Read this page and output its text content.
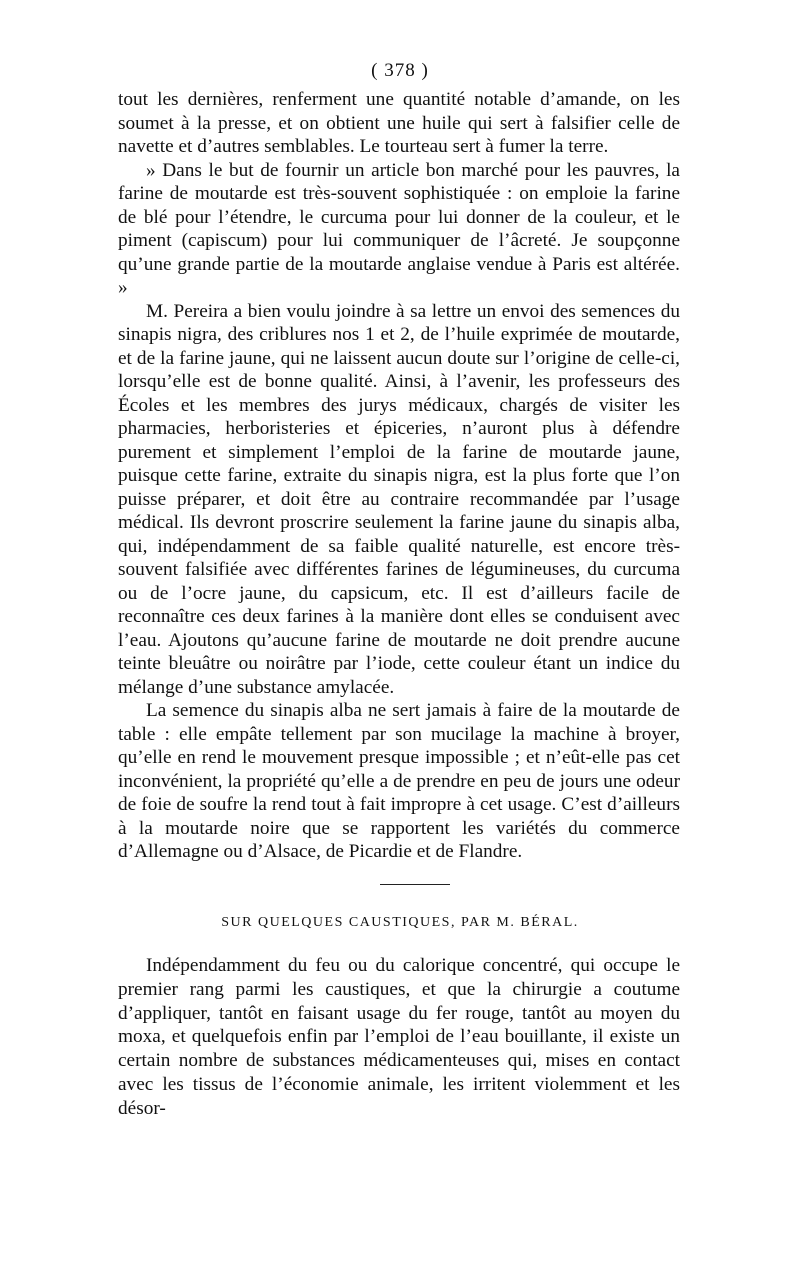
( 378 )

tout les dernières, renferment une quantité notable d’amande, on les soumet à la presse, et on obtient une huile qui sert à falsifier celle de navette et d’autres semblables. Le tourteau sert à fumer la terre.

» Dans le but de fournir un article bon marché pour les pauvres, la farine de moutarde est très-souvent sophistiquée : on emploie la farine de blé pour l’étendre, le curcuma pour lui donner de la couleur, et le piment (capiscum) pour lui communiquer de l’âcreté. Je soupçonne qu’une grande partie de la moutarde anglaise vendue à Paris est altérée. »

M. Pereira a bien voulu joindre à sa lettre un envoi des semences du sinapis nigra, des criblures nos 1 et 2, de l’huile exprimée de moutarde, et de la farine jaune, qui ne laissent aucun doute sur l’origine de celle-ci, lorsqu’elle est de bonne qualité. Ainsi, à l’avenir, les professeurs des Écoles et les membres des jurys médicaux, chargés de visiter les pharmacies, herboristeries et épiceries, n’auront plus à défendre purement et simplement l’emploi de la farine de moutarde jaune, puisque cette farine, extraite du sinapis nigra, est la plus forte que l’on puisse préparer, et doit être au contraire recommandée par l’usage médical. Ils devront proscrire seulement la farine jaune du sinapis alba, qui, indépendamment de sa faible qualité naturelle, est encore très-souvent falsifiée avec différentes farines de légumineuses, du curcuma ou de l’ocre jaune, du capsicum, etc. Il est d’ailleurs facile de reconnaître ces deux farines à la manière dont elles se conduisent avec l’eau. Ajoutons qu’aucune farine de moutarde ne doit prendre aucune teinte bleuâtre ou noirâtre par l’iode, cette couleur étant un indice du mélange d’une substance amylacée.

La semence du sinapis alba ne sert jamais à faire de la moutarde de table : elle empâte tellement par son mucilage la machine à broyer, qu’elle en rend le mouvement presque impossible ; et n’eût-elle pas cet inconvénient, la propriété qu’elle a de prendre en peu de jours une odeur de foie de soufre la rend tout à fait impropre à cet usage. C’est d’ailleurs à la moutarde noire que se rapportent les variétés du commerce d’Allemagne ou d’Alsace, de Picardie et de Flandre.

SUR QUELQUES CAUSTIQUES, PAR M. BÉRAL.

Indépendamment du feu ou du calorique concentré, qui occupe le premier rang parmi les caustiques, et que la chirurgie a coutume d’appliquer, tantôt en faisant usage du fer rouge, tantôt au moyen du moxa, et quelquefois enfin par l’emploi de l’eau bouillante, il existe un certain nombre de substances médicamenteuses qui, mises en contact avec les tissus de l’économie animale, les irritent violemment et les désor-
